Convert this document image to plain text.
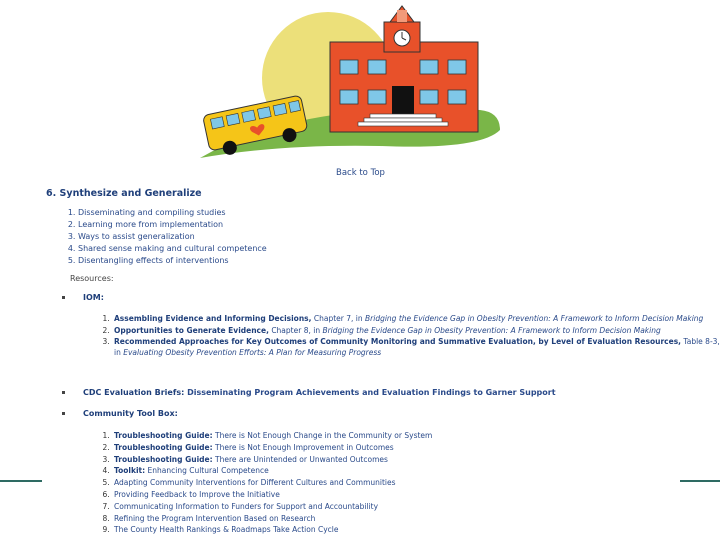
Back to Top
6. Synthesize and Generalize
1. Disseminating and compiling studies
2. Learning more from implementation
3. Ways to assist generalization
4. Shared sense making and cultural competence
5. Disentangling effects of interventions
Resources:
IOM:
1. Assembling Evidence and Informing Decisions, Chapter 7, in Bridging the Evidence Gap in Obesity Prevention: A Framework to Inform Decision Making
2. Opportunities to Generate Evidence, Chapter 8, in Bridging the Evidence Gap in Obesity Prevention: A Framework to Inform Decision Making
3. Recommended Approaches for Key Outcomes of Community Monitoring and Summative Evaluation, by Level of Evaluation Resources, Table 8-3, in Evaluating Obesity Prevention Efforts: A Plan for Measuring Progress
CDC Evaluation Briefs: Disseminating Program Achievements and Evaluation Findings to Garner Support
Community Tool Box:
1. Troubleshooting Guide: There is Not Enough Change in the Community or System
2. Troubleshooting Guide: There is Not Enough Improvement in Outcomes
3. Troubleshooting Guide: There are Unintended or Unwanted Outcomes
4. Toolkit: Enhancing Cultural Competence
5. Adapting Community Interventions for Different Cultures and Communities
6. Providing Feedback to Improve the Initiative
7. Communicating Information to Funders for Support and Accountability
8. Refining the Program Intervention Based on Research
9. The County Health Rankings & Roadmaps Take Action Cycle
